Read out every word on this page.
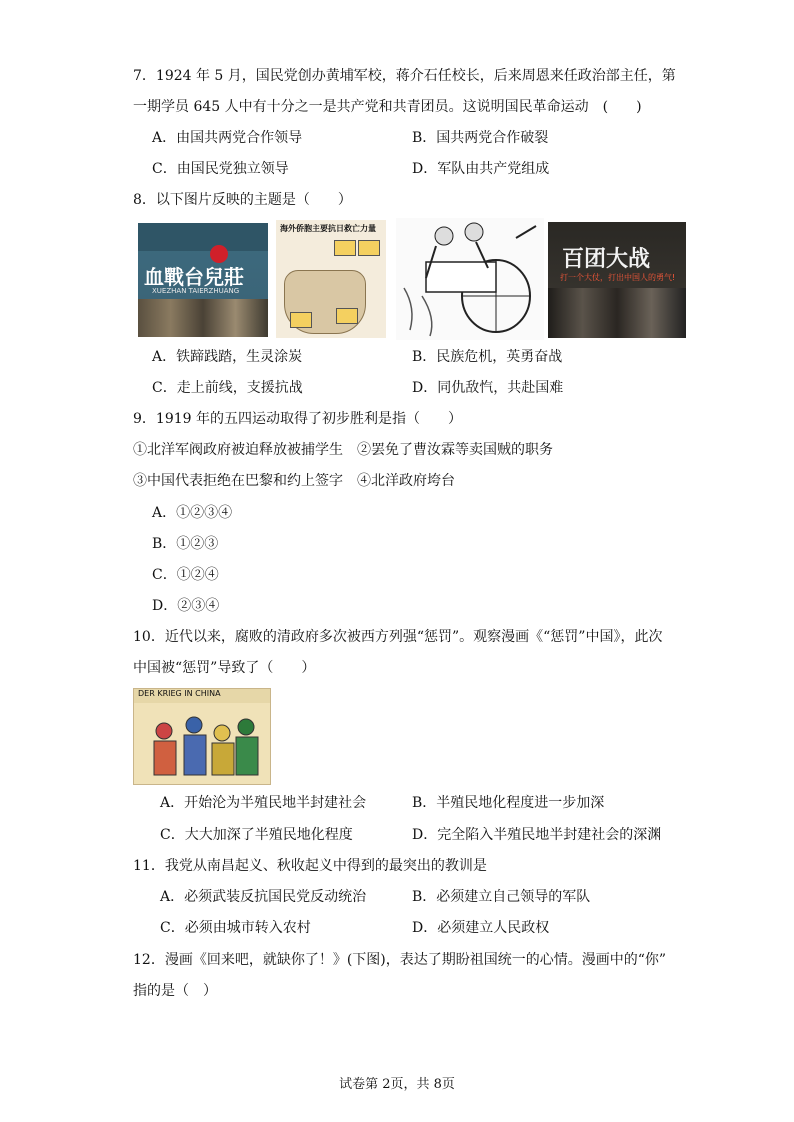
7．1924 年 5 月，国民党创办黄埔军校，蒋介石任校长，后来周恩来任政治部主任，第
一期学员 645 人中有十分之一是共产党和共青团员。这说明国民革命运动　(　　)
A．由国共两党合作领导	B．国共两党合作破裂
C．由国民党独立领导	D．军队由共产党组成
8．以下图片反映的主题是（　　）
血戰台兒莊
XUEZHAN TAIERZHUANG
海外侨胞主要抗日救亡力量
百团大战
打一个大仗，打出中国人的勇气!
A．铁蹄践踏，生灵涂炭	B．民族危机，英勇奋战
C．走上前线，支援抗战	D．同仇敌忾，共赴国难
9．1919 年的五四运动取得了初步胜利是指（　　）
①北洋军阀政府被迫释放被捕学生　②罢免了曹汝霖等卖国贼的职务
③中国代表拒绝在巴黎和约上签字　④北洋政府垮台
A．①②③④
B．①②③
C．①②④
D．②③④
10．近代以来，腐败的清政府多次被西方列强“惩罚”。观察漫画《“惩罚”中国》，此次
中国被“惩罚”导致了（　　）
DER KRIEG IN CHINA
A．开始沦为半殖民地半封建社会	B．半殖民地化程度进一步加深
C．大大加深了半殖民地化程度	D．完全陷入半殖民地半封建社会的深渊
11．我党从南昌起义、秋收起义中得到的最突出的教训是
A．必须武装反抗国民党反动统治	B．必须建立自己领导的军队
C．必须由城市转入农村	D．必须建立人民政权
12．漫画《回来吧，就缺你了！》(下图)，表达了期盼祖国统一的心情。漫画中的“你”
指的是（　）
试卷第 2页，共 8页
